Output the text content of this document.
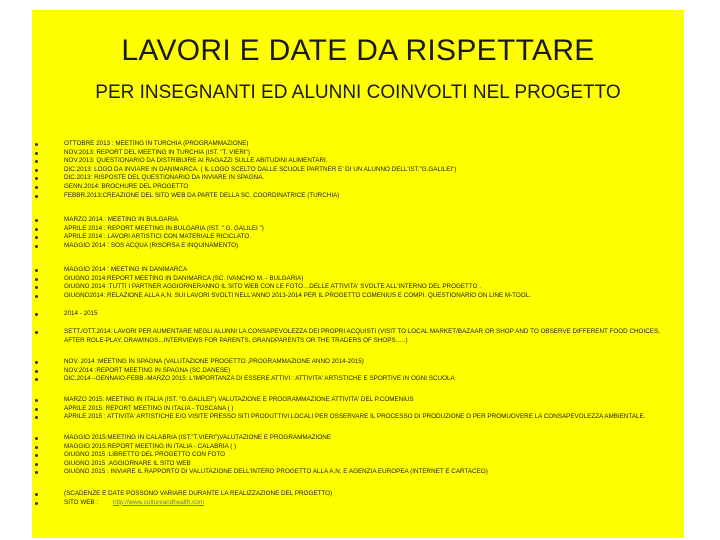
LAVORI E DATE DA RISPETTARE
PER INSEGNANTI ED ALUNNI COINVOLTI NEL PROGETTO
OTTOBRE 2013 : MEETING IN TURCHIA (PROGRAMMAZIONE)
NOV.2013: REPORT DEL MEETING IN TURCHIA (IST. "T. VIERI")
NOV.2013: QUESTIONARIO DA DISTRIBUIRE AI RAGAZZI SULLE ABITUDINI ALIMENTARI.
DIC.2013: LOGO DA INVIARE IN DANIMARCA. ( IL LOGO SCELTO DALLE SCUOLE PARTNER E' DI UN ALUNNO DELL'IST."G.GALILEI")
DIC.2013: RISPOSTE DEL QUESTIONARIO DA INVIARE IN SPAGNA.
GENN.2014: BROCHURE DEL PROGETTO
FEBBR.2013:CREAZIONE DEL SITO WEB DA PARTE DELLA SC. COORDINATRICE (TURCHIA)
MARZO 2014 : MEETING IN BULGARIA
APRILE 2014 : REPORT MEETING IN BULGARIA (IST. " G. GALILEI ")
APRILE 2014 : LAVORI ARTISTICI CON MATERIALE RICICLATO.
MAGGIO 2014 : SOS ACQUA (RISORSA E INQUINAMENTO)
MAGGIO 2014 : MEETING IN DANIMARCA
GIUGNO 2014:REPORT MEETING IN DANIMARCA (SC. IVANCHO M. - BULGARIA)
GIUGNO 2014 :TUTTI I PARTNER AGGIORNERANNO IL SITO WEB CON LE FOTO…DELLE ATTIVITA' SVOLTE ALL'INTERNO DEL PROGETTO .
GIUGNO2014: RELAZIONE ALLA A.N. SUI LAVORI SVOLTI NELL'ANNO 2013-2014 PER IL PROGETTO COMENIUS E COMPI. QUESTIONARIO ON LINE M-TOOL.
2014 - 2015
SETT./OTT.2014: LAVORI PER AUMENTARE NEGLI ALUNNI LA CONSAPEVOLEZZA DEI PROPRI ACQUISTI (VISIT TO LOCAL MARKET/BAZAAR OR SHOP AND TO OBSERVE DIFFERENT FOOD CHOICES, AFTER ROLE-PLAY, DRAWINGS,..INTERVIEWS FOR PARENTS, GRANDPARENTS OR THE TRADERS OF SHOPS…..)
NOV. 2014 :MEETING IN SPAGNA (VALUTAZIONE PROGETTO ,PROGRAMMAZIONE ANNO 2014-2015)
NOV.2014 :REPORT MEETING IN SPAGNA (SC.DANESE)
DIC.2014 –GENNAIO-FEBB.-MARZO 2015: L'IMPORTANZA DI ESSERE ATTIVI : ATTIVITA' ARTISTICHE E SPORTIVE IN OGNI SCUOLA
MARZO 2015: MEETING IN ITALIA (IST. "G.GALILEI") VALUTAZIONE E PROGRAMMAZIONE ATTIVITA' DEL P.COMENIUS
APRILE 2015: REPORT MEETING IN ITALIA - TOSCANA ( )
APRILE 2015 : ATTIVITA' ARTISTICHE E/O VISITE PRESSO SITI PRODUTTIVI LOCALI PER OSSERVARE IL PROCESSO DI PRODUZIONE O PER PROMUOVERE LA CONSAPEVOLEZZA AMBIENTALE.
MAGGIO 2015:MEETING IN CALABRIA (IST."T.VIERI")VALUTAZIONE E PROGRAMMAZIONE
MAGGIO 2015:REPORT MEETING IN ITALIA - CALABRIA ( )
GIUGNO 2015 :LIBRETTO DEL PROGETTO CON FOTO
GIUGNO 2015 :AGGIORNARE IL SITO WEB
GIUGNO 2015 : INVIARE IL RAPPORTO DI VALUTAZIONE DELL'INTERO PROGETTO ALLA A.N. E AGENZIA EUROPEA (INTERNET E CARTACEO)
(SCADENZE E DATE POSSONO VARIARE DURANTE LA REALIZZAZIONE DEL PROGETTO)
SITO WEB :	http://www.cultureandhealth.com
